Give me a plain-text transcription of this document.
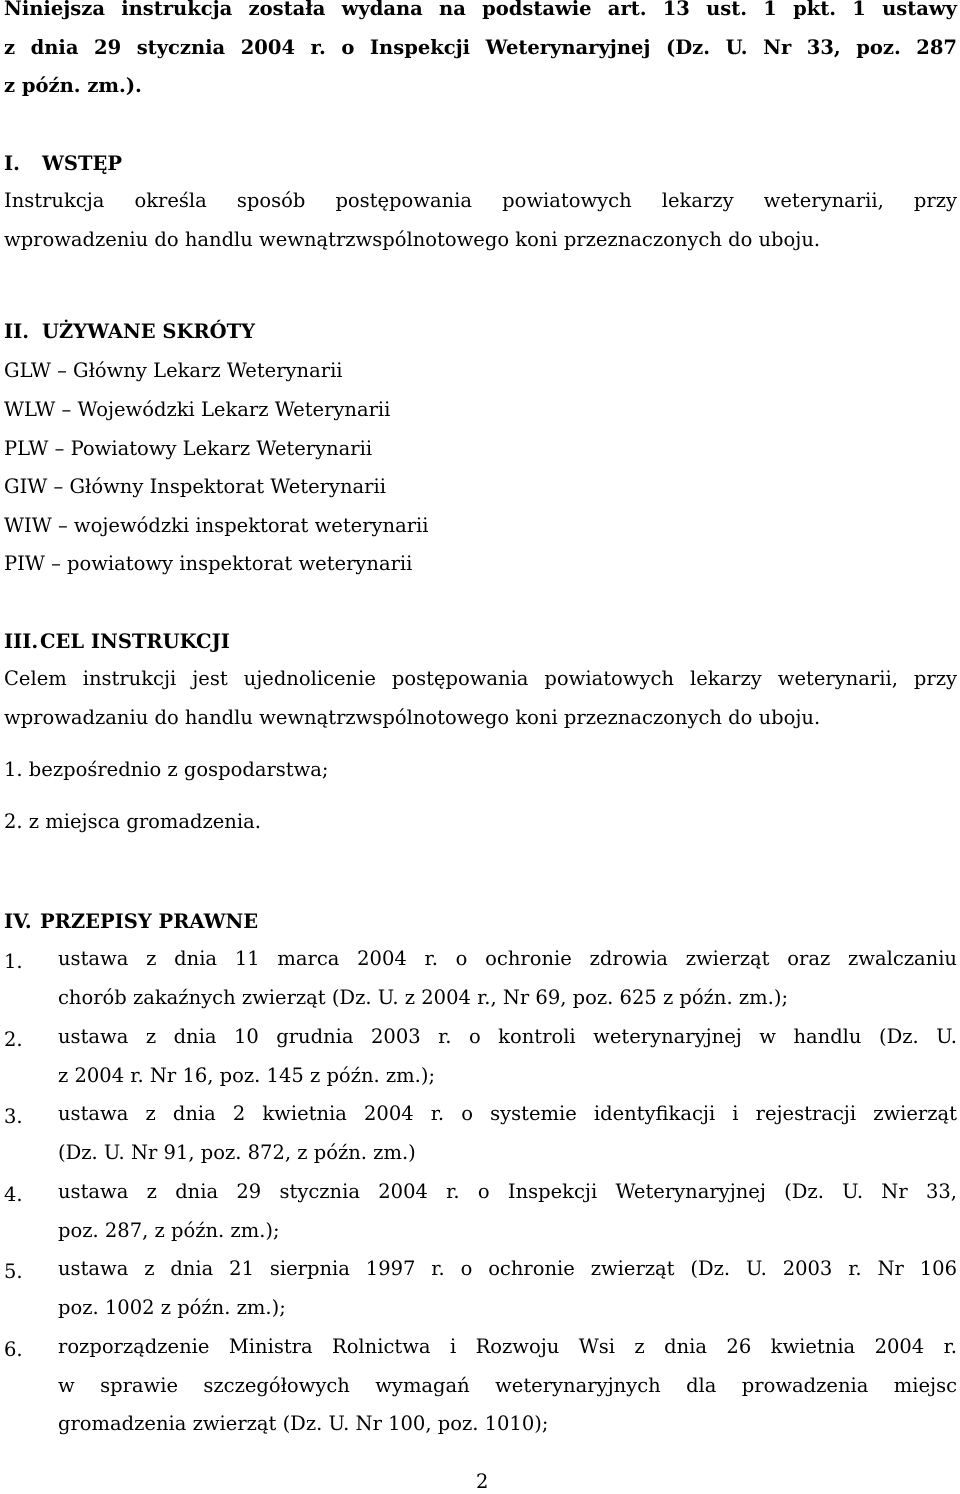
Niniejsza instrukcja została wydana na podstawie art. 13 ust. 1 pkt. 1 ustawy
z dnia 29 stycznia 2004 r. o Inspekcji Weterynaryjnej (Dz. U. Nr 33, poz. 287
z późn. zm.).
I. WSTĘP
Instrukcja określa sposób postępowania powiatowych lekarzy weterynarii, przy
wprowadzeniu do handlu wewnątrzwspólnotowego koni przeznaczonych do uboju.
II. UŻYWANE SKRÓTY
GLW – Główny Lekarz Weterynarii
WLW – Wojewódzki Lekarz Weterynarii
PLW – Powiatowy Lekarz Weterynarii
GIW – Główny Inspektorat Weterynarii
WIW – wojewódzki inspektorat weterynarii
PIW – powiatowy inspektorat weterynarii
III.CEL INSTRUKCJI
Celem instrukcji jest ujednolicenie postępowania powiatowych lekarzy weterynarii, przy
wprowadzaniu do handlu wewnątrzwspólnotowego koni przeznaczonych do uboju.
1. bezpośrednio z gospodarstwa;
2. z miejsca gromadzenia.
IV. PRZEPISY PRAWNE
1. ustawa z dnia 11 marca 2004 r. o ochronie zdrowia zwierząt oraz zwalczaniu
chorób zakaźnych zwierząt (Dz. U. z 2004 r., Nr 69, poz. 625 z późn. zm.);
2. ustawa z dnia 10 grudnia 2003 r. o kontroli weterynaryjnej w handlu (Dz. U.
z 2004 r. Nr 16, poz. 145 z późn. zm.);
3. ustawa z dnia 2 kwietnia 2004 r. o systemie identyfikacji i rejestracji zwierząt
(Dz. U. Nr 91, poz. 872, z późn. zm.)
4. ustawa z dnia 29 stycznia 2004 r. o Inspekcji Weterynaryjnej (Dz. U. Nr 33,
poz. 287, z późn. zm.);
5. ustawa z dnia 21 sierpnia 1997 r. o ochronie zwierząt (Dz. U. 2003 r. Nr 106
poz. 1002 z późn. zm.);
6. rozporządzenie Ministra Rolnictwa i Rozwoju Wsi z dnia 26 kwietnia 2004 r.
w sprawie szczegółowych wymagań weterynaryjnych dla prowadzenia miejsc
gromadzenia zwierząt (Dz. U. Nr 100, poz. 1010);
2
